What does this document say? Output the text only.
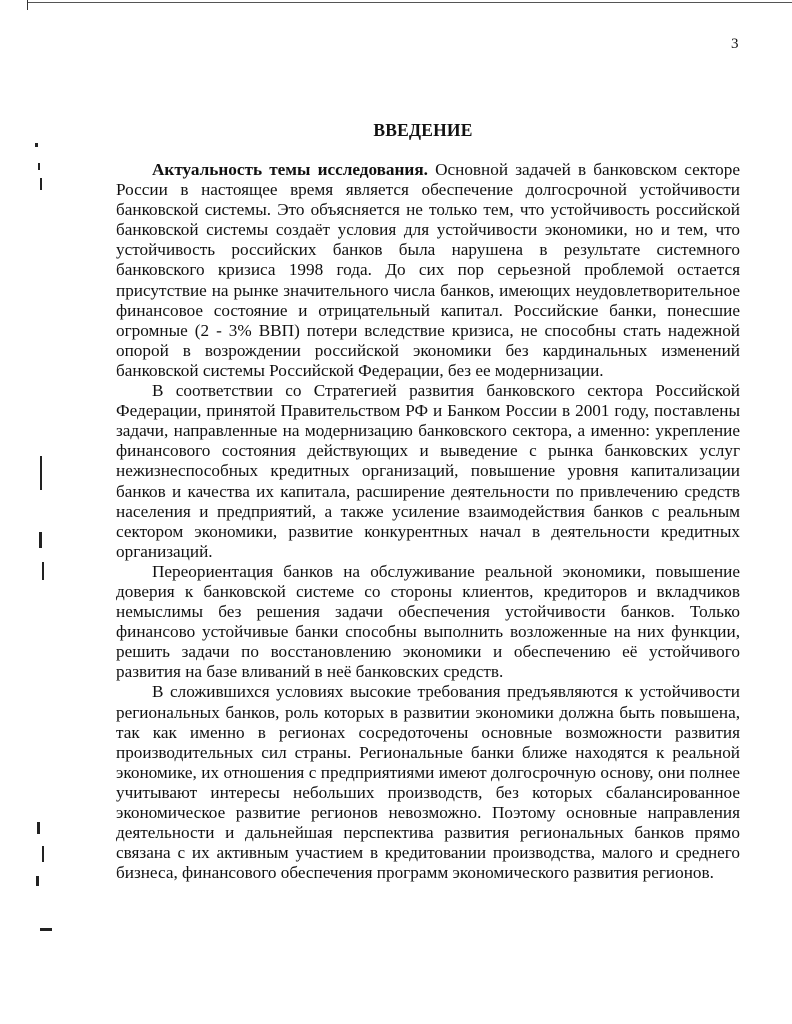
3
ВВЕДЕНИЕ

Актуальность темы исследования. Основной задачей в банковском секторе России в настоящее время является обеспечение долгосрочной устойчивости банковской системы. Это объясняется не только тем, что устойчивость российской банковской системы создаёт условия для устойчивости экономики, но и тем, что устойчивость российских банков была нарушена в результате системного банковского кризиса 1998 года. До сих пор серьезной проблемой остается присутствие на рынке значительного числа банков, имеющих неудовлетворительное финансовое состояние и отрицательный капитал. Российские банки, понесшие огромные (2 - 3% ВВП) потери вследствие кризиса, не способны стать надежной опорой в возрождении российской экономики без кардинальных изменений банковской системы Российской Федерации, без ее модернизации.

В соответствии со Стратегией развития банковского сектора Российской Федерации, принятой Правительством РФ и Банком России в 2001 году, поставлены задачи, направленные на модернизацию банковского сектора, а именно: укрепление финансового состояния действующих и выведение с рынка банковских услуг нежизнеспособных кредитных организаций, повышение уровня капитализации банков и качества их капитала, расширение деятельности по привлечению средств населения и предприятий, а также усиление взаимодействия банков с реальным сектором экономики, развитие конкурентных начал в деятельности кредитных организаций.

Переориентация банков на обслуживание реальной экономики, повышение доверия к банковской системе со стороны клиентов, кредиторов и вкладчиков немыслимы без решения задачи обеспечения устойчивости банков. Только финансово устойчивые банки способны выполнить возложенные на них функции, решить задачи по восстановлению экономики и обеспечению её устойчивого развития на базе вливаний в неё банковских средств.

В сложившихся условиях высокие требования предъявляются к устойчивости региональных банков, роль которых в развитии экономики должна быть повышена, так как именно в регионах сосредоточены основные возможности развития производительных сил страны. Региональные банки ближе находятся к реальной экономике, их отношения с предприятиями имеют долгосрочную основу, они полнее учитывают интересы небольших производств, без которых сбалансированное экономическое развитие регионов невозможно. Поэтому основные направления деятельности и дальнейшая перспектива развития региональных банков прямо связана с их активным участием в кредитовании производства, малого и среднего бизнеса, финансового обеспечения программ экономического развития регионов.
